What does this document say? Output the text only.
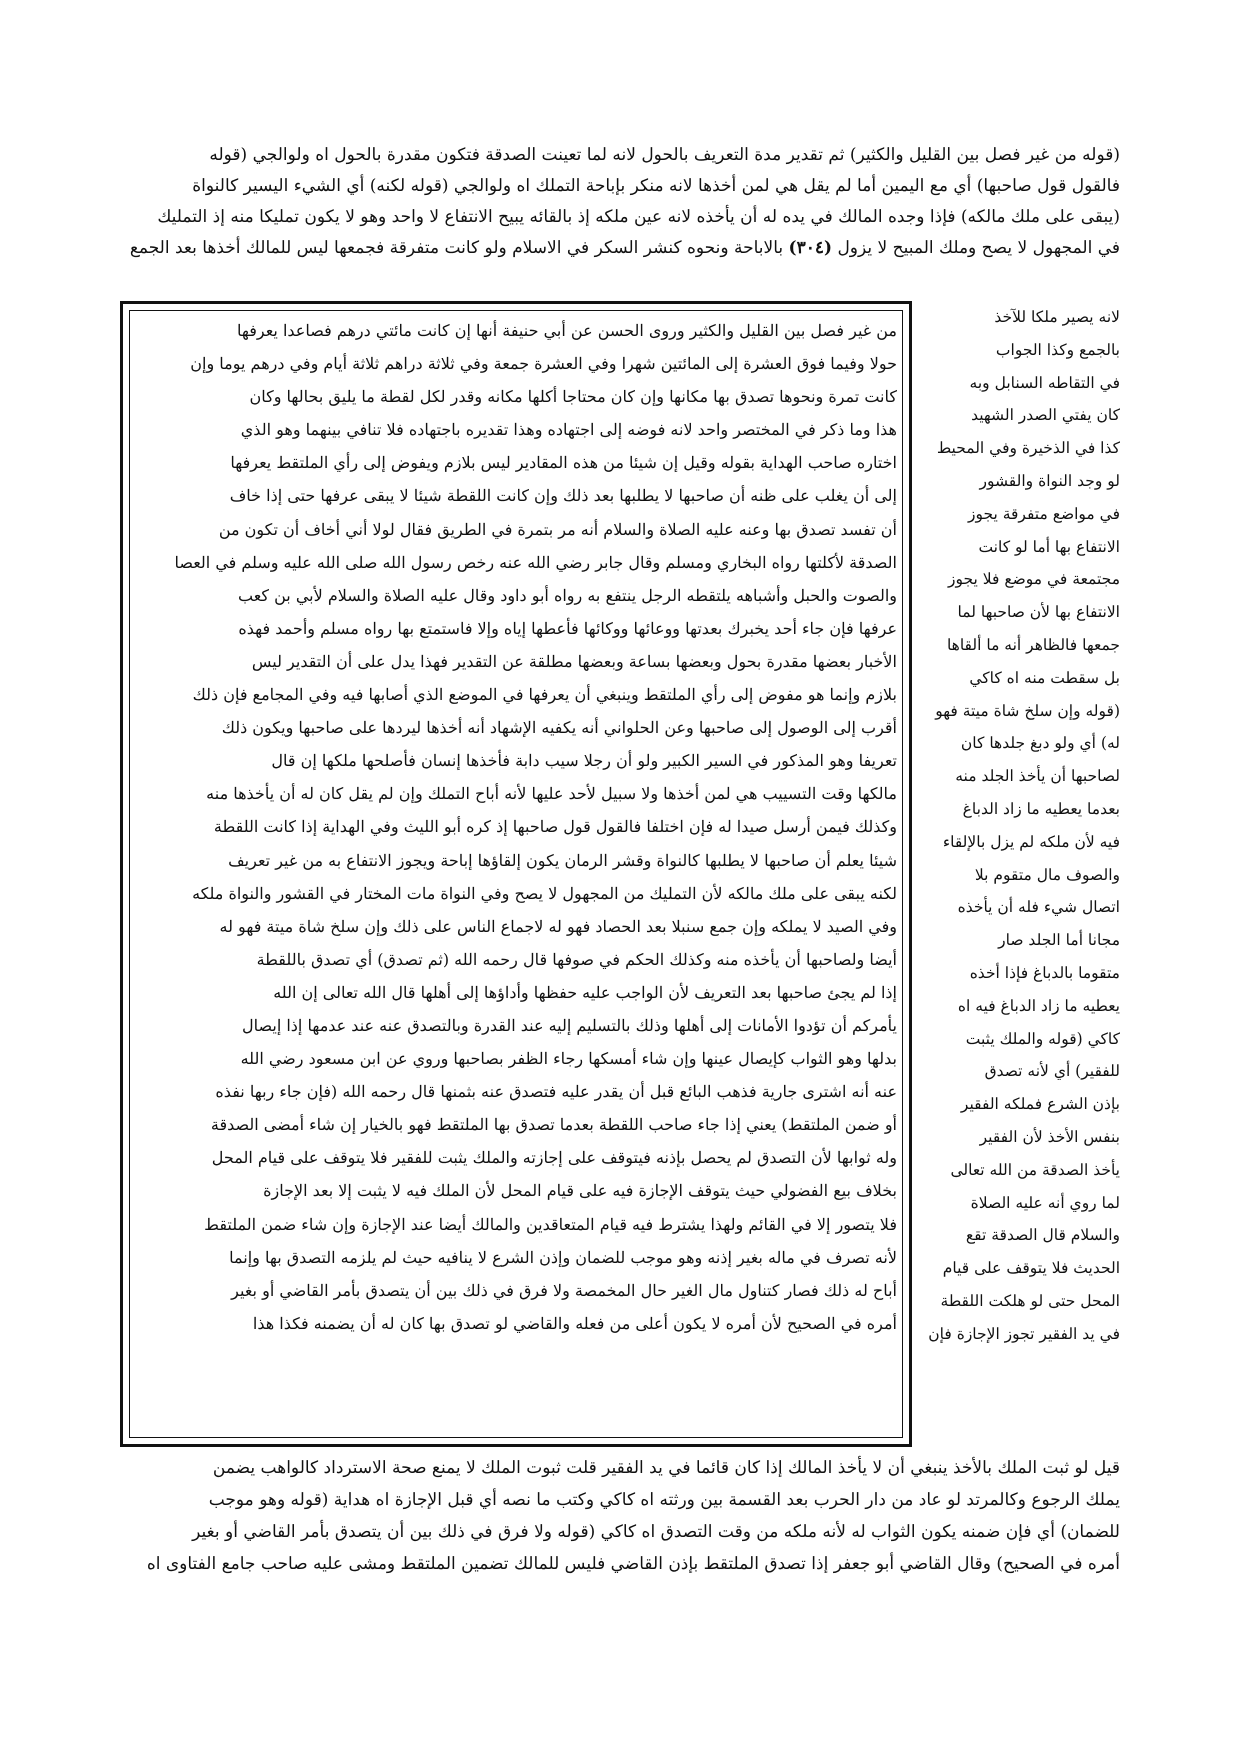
(قوله من غير فصل بين القليل والكثير) ثم تقدير مدة التعريف بالحول لانه لما تعينت الصدقة فتكون مقدرة بالحول اه ولوالجي (قوله
فالقول قول صاحبها) أي مع اليمين أما لم يقل هي لمن أخذها لانه منكر بإباحة التملك اه ولوالجي (قوله لكنه) أي الشيء اليسير كالنواة
(يبقى على ملك مالكه) فإذا وجده المالك في يده له أن يأخذه لانه عين ملكه إذ بالقائه يبيح الانتفاع لا واحد وهو لا يكون تمليكا منه إذ التمليك
في المجهول لا يصح وملك المبيح لا يزول (٣٠٤) بالاباحة ونحوه كنشر السكر في الاسلام ولو كانت متفرقة فجمعها ليس للمالك أخذها بعد الجمع
من غير فصل بين القليل والكثير وروى الحسن عن أبي حنيفة أنها إن كانت مائتي درهم فصاعدا يعرفها
حولا وفيما فوق العشرة إلى المائتين شهرا وفي العشرة جمعة وفي ثلاثة دراهم ثلاثة أيام وفي درهم يوما وإن
كانت تمرة ونحوها تصدق بها مكانها وإن كان محتاجا أكلها مكانه وقدر لكل لقطة ما يليق بحالها وكان
هذا وما ذكر في المختصر واحد لانه فوضه إلى اجتهاده وهذا تقديره باجتهاده فلا تنافي بينهما وهو الذي
اختاره صاحب الهداية بقوله وقيل إن شيئا من هذه المقادير ليس بلازم ويفوض إلى رأي الملتقط يعرفها
إلى أن يغلب على ظنه أن صاحبها لا يطلبها بعد ذلك وإن كانت اللقطة شيئا لا يبقى عرفها حتى إذا خاف
أن تفسد تصدق بها وعنه عليه الصلاة والسلام أنه مر بتمرة في الطريق فقال لولا أني أخاف أن تكون من
الصدقة لأكلتها رواه البخاري ومسلم وقال جابر رضي الله عنه رخص رسول الله صلى الله عليه وسلم في العصا
والصوت والحبل وأشباهه يلتقطه الرجل ينتفع به رواه أبو داود وقال عليه الصلاة والسلام لأبي بن كعب
عرفها فإن جاء أحد يخبرك بعدتها ووعائها ووكائها فأعطها إياه وإلا فاستمتع بها رواه مسلم وأحمد فهذه
الأخبار بعضها مقدرة بحول وبعضها بساعة وبعضها مطلقة عن التقدير فهذا يدل على أن التقدير ليس
بلازم وإنما هو مفوض إلى رأي الملتقط وينبغي أن يعرفها في الموضع الذي أصابها فيه وفي المجامع فإن ذلك
أقرب إلى الوصول إلى صاحبها وعن الحلواني أنه يكفيه الإشهاد أنه أخذها ليردها على صاحبها ويكون ذلك
تعريفا وهو المذكور في السير الكبير ولو أن رجلا سيب دابة فأخذها إنسان فأصلحها ملكها إن قال
مالكها وقت التسييب هي لمن أخذها ولا سبيل لأحد عليها لأنه أباح التملك وإن لم يقل كان له أن يأخذها منه
وكذلك فيمن أرسل صيدا له فإن اختلفا فالقول قول صاحبها إذ كره أبو الليث وفي الهداية إذا كانت اللقطة
شيئا يعلم أن صاحبها لا يطلبها كالنواة وقشر الرمان يكون إلقاؤها إباحة ويجوز الانتفاع به من غير تعريف
لكنه يبقى على ملك مالكه لأن التمليك من المجهول لا يصح وفي النواة مات المختار في القشور والنواة ملكه
وفي الصيد لا يملكه وإن جمع سنبلا بعد الحصاد فهو له لاجماع الناس على ذلك وإن سلخ شاة ميتة فهو له
أيضا ولصاحبها أن يأخذه منه وكذلك الحكم في صوفها قال رحمه الله (ثم تصدق) أي تصدق باللقطة
إذا لم يجئ صاحبها بعد التعريف لأن الواجب عليه حفظها وأداؤها إلى أهلها قال الله تعالى إن الله
يأمركم أن تؤدوا الأمانات إلى أهلها وذلك بالتسليم إليه عند القدرة وبالتصدق عنه عند عدمها إذا إيصال
بدلها وهو الثواب كإيصال عينها وإن شاء أمسكها رجاء الظفر بصاحبها وروي عن ابن مسعود رضي الله
عنه أنه اشترى جارية فذهب البائع قبل أن يقدر عليه فتصدق عنه بثمنها قال رحمه الله (فإن جاء ربها نفذه
أو ضمن الملتقط) يعني إذا جاء صاحب اللقطة بعدما تصدق بها الملتقط فهو بالخيار إن شاء أمضى الصدقة
وله ثوابها لأن التصدق لم يحصل بإذنه فيتوقف على إجازته والملك يثبت للفقير فلا يتوقف على قيام المحل
بخلاف بيع الفضولي حيث يتوقف الإجازة فيه على قيام المحل لأن الملك فيه لا يثبت إلا بعد الإجازة
فلا يتصور إلا في القائم ولهذا يشترط فيه قيام المتعاقدين والمالك أيضا عند الإجازة وإن شاء ضمن الملتقط
لأنه تصرف في ماله بغير إذنه وهو موجب للضمان وإذن الشرع لا ينافيه حيث لم يلزمه التصدق بها وإنما
أباح له ذلك فصار كتناول مال الغير حال المخمصة ولا فرق في ذلك بين أن يتصدق بأمر القاضي أو بغير
أمره في الصحيح لأن أمره لا يكون أعلى من فعله والقاضي لو تصدق بها كان له أن يضمنه فكذا هذا
لانه يصير ملكا للآخذ
بالجمع وكذا الجواب
في التقاطه السنابل وبه
كان يفتي الصدر الشهيد
كذا في الذخيرة وفي المحيط
لو وجد النواة والقشور
في مواضع متفرقة يجوز
الانتفاع بها أما لو كانت
مجتمعة في موضع فلا يجوز
الانتفاع بها لأن صاحبها لما
جمعها فالظاهر أنه ما ألقاها
بل سقطت منه اه كاكي
(قوله وإن سلخ شاة ميتة فهو
له) أي ولو دبغ جلدها كان
لصاحبها أن يأخذ الجلد منه
بعدما يعطيه ما زاد الدباغ
فيه لأن ملكه لم يزل بالإلقاء
والصوف مال متقوم بلا
اتصال شيء فله أن يأخذه
مجانا أما الجلد صار
متقوما بالدباغ فإذا أخذه
يعطيه ما زاد الدباغ فيه اه
كاكي (قوله والملك يثبت
للفقير) أي لأنه تصدق
بإذن الشرع فملكه الفقير
بنفس الأخذ لأن الفقير
يأخذ الصدقة من الله تعالى
لما روي أنه عليه الصلاة
والسلام قال الصدقة تقع
الحديث فلا يتوقف على قيام
المحل حتى لو هلكت اللقطة
في يد الفقير تجوز الإجازة فإن
قيل لو ثبت الملك بالأخذ ينبغي أن لا يأخذ المالك إذا كان قائما في يد الفقير قلت ثبوت الملك لا يمنع صحة الاسترداد كالواهب يضمن
يملك الرجوع وكالمرتد لو عاد من دار الحرب بعد القسمة بين ورثته اه كاكي وكتب ما نصه أي قبل الإجازة اه هداية (قوله وهو موجب
للضمان) أي فإن ضمنه يكون الثواب له لأنه ملكه من وقت التصدق اه كاكي (قوله ولا فرق في ذلك بين أن يتصدق بأمر القاضي أو بغير
أمره في الصحيح) وقال القاضي أبو جعفر إذا تصدق الملتقط بإذن القاضي فليس للمالك تضمين الملتقط ومشى عليه صاحب جامع الفتاوى اه
